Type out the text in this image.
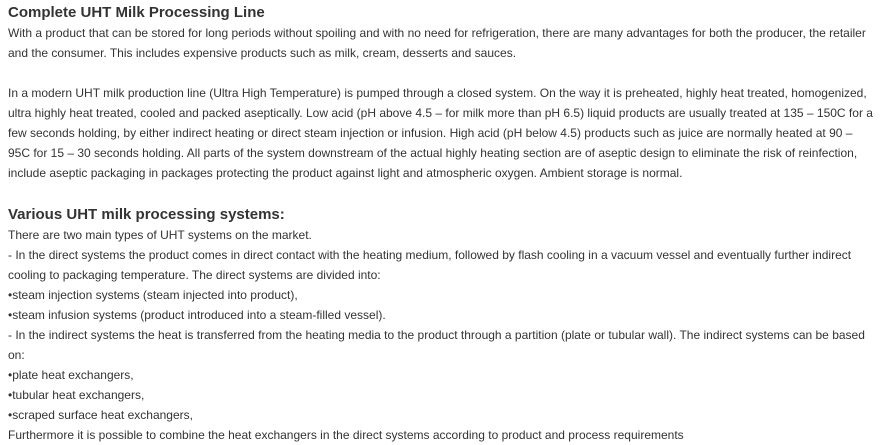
Complete UHT Milk Processing Line

With a product that can be stored for long periods without spoiling and with no need for refrigeration, there are many advantages for both the producer, the retailer and the consumer. This includes expensive products such as milk, cream, desserts and sauces.

In a modern UHT milk production line (Ultra High Temperature) is pumped through a closed system. On the way it is preheated, highly heat treated, homogenized, ultra highly heat treated, cooled and packed aseptically. Low acid (pH above 4.5 – for milk more than pH 6.5) liquid products are usually treated at 135 – 150C for a few seconds holding, by either indirect heating or direct steam injection or infusion. High acid (pH below 4.5) products such as juice are normally heated at 90 – 95C for 15 – 30 seconds holding. All parts of the system downstream of the actual highly heating section are of aseptic design to eliminate the risk of reinfection, include aseptic packaging in packages protecting the product against light and atmospheric oxygen. Ambient storage is normal.

Various UHT milk processing systems:

There are two main types of UHT systems on the market.

- In the direct systems the product comes in direct contact with the heating medium, followed by flash cooling in a vacuum vessel and eventually further indirect cooling to packaging temperature. The direct systems are divided into:

•steam injection systems (steam injected into product),

•steam infusion systems (product introduced into a steam-filled vessel).

- In the indirect systems the heat is transferred from the heating media to the product through a partition (plate or tubular wall). The indirect systems can be based on:

•plate heat exchangers,

•tubular heat exchangers,

•scraped surface heat exchangers,

Furthermore it is possible to combine the heat exchangers in the direct systems according to product and process requirements
